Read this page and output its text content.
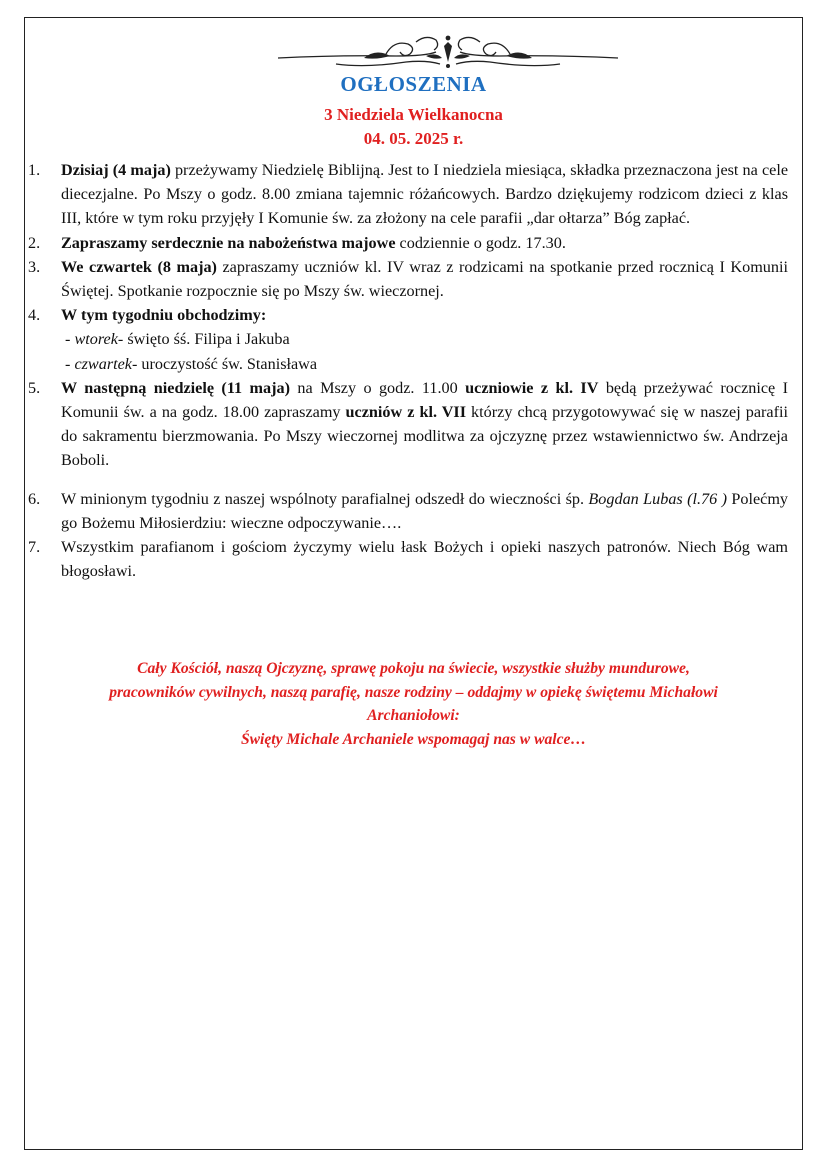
OGŁOSZENIA
3 Niedziela Wielkanocna
04. 05. 2025 r.
1.	Dzisiaj (4 maja) przeżywamy Niedzielę Biblijną. Jest to I niedziela miesiąca, składka przeznaczona jest na cele diecezjalne. Po Mszy o godz. 8.00 zmiana tajemnic różańcowych. Bardzo dziękujemy rodzicom dzieci z klas III, które w tym roku przyjęły I Komunie św. za złożony na cele parafii „dar ołtarza” Bóg zapłać.
2.	Zapraszamy serdecznie na nabożeństwa majowe codziennie o godz. 17.30.
3.	We czwartek (8 maja) zapraszamy uczniów kl. IV wraz z rodzicami na spotkanie przed rocznicą I Komunii Świętej. Spotkanie rozpocznie się po Mszy św. wieczornej.
4.	W tym tygodniu obchodzimy:
- wtorek- święto śś. Filipa i Jakuba
- czwartek- uroczystość św. Stanisława
5.	W następną niedzielę (11 maja) na Mszy o godz. 11.00 uczniowie z kl. IV będą przeżywać rocznicę I Komunii św. a na godz. 18.00 zapraszamy uczniów z kl. VII którzy chcą przygotowywać się w naszej parafii do sakramentu bierzmowania. Po Mszy wieczornej modlitwa za ojczyznę przez wstawiennictwo św. Andrzeja Boboli.
6.	W minionym tygodniu z naszej wspólnoty parafialnej odszedł do wieczności śp. Bogdan Lubas (l.76 ) Polećmy go Bożemu Miłosierdziu: wieczne odpoczywanie….
7.	Wszystkim parafianom i gościom życzymy wielu łask Bożych i opieki naszych patronów. Niech Bóg wam błogosławi.
Cały Kościół, naszą Ojczyznę, sprawę pokoju na świecie, wszystkie służby mundurowe,
pracowników cywilnych, naszą parafię, nasze rodziny – oddajmy w opiekę świętemu Michałowi
Archaniołowi:
Święty Michale Archaniele wspomagaj nas w walce…
